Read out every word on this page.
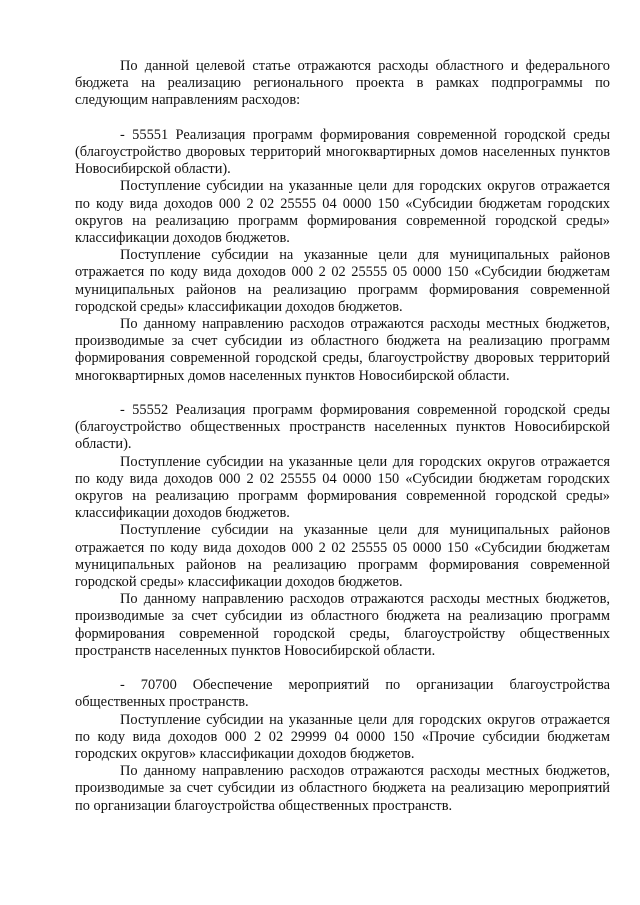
По данной целевой статье отражаются расходы областного и федерального бюджета на реализацию регионального проекта в рамках подпрограммы по следующим направлениям расходов:

- 55551 Реализация программ формирования современной городской среды (благоустройство дворовых территорий многоквартирных домов населенных пунктов Новосибирской области).

Поступление субсидии на указанные цели для городских округов отражается по коду вида доходов 000 2 02 25555 04 0000 150 «Субсидии бюджетам городских округов на реализацию программ формирования современной городской среды» классификации доходов бюджетов.

Поступление субсидии на указанные цели для муниципальных районов отражается по коду вида доходов 000 2 02 25555 05 0000 150 «Субсидии бюджетам муниципальных районов на реализацию программ формирования современной городской среды» классификации доходов бюджетов.

По данному направлению расходов отражаются расходы местных бюджетов, производимые за счет субсидии из областного бюджета на реализацию программ формирования современной городской среды, благоустройству дворовых территорий многоквартирных домов населенных пунктов Новосибирской области.

- 55552 Реализация программ формирования современной городской среды (благоустройство общественных пространств населенных пунктов Новосибирской области).

Поступление субсидии на указанные цели для городских округов отражается по коду вида доходов 000 2 02 25555 04 0000 150 «Субсидии бюджетам городских округов на реализацию программ формирования современной городской среды» классификации доходов бюджетов.

Поступление субсидии на указанные цели для муниципальных районов отражается по коду вида доходов 000 2 02 25555 05 0000 150 «Субсидии бюджетам муниципальных районов на реализацию программ формирования современной городской среды» классификации доходов бюджетов.

По данному направлению расходов отражаются расходы местных бюджетов, производимые за счет субсидии из областного бюджета на реализацию программ формирования современной городской среды, благоустройству общественных пространств населенных пунктов Новосибирской области.

- 70700 Обеспечение мероприятий по организации благоустройства общественных пространств.

Поступление субсидии на указанные цели для городских округов отражается по коду вида доходов 000 2 02 29999 04 0000 150 «Прочие субсидии бюджетам городских округов» классификации доходов бюджетов.

По данному направлению расходов отражаются расходы местных бюджетов, производимые за счет субсидии из областного бюджета на реализацию мероприятий по организации благоустройства общественных пространств.
